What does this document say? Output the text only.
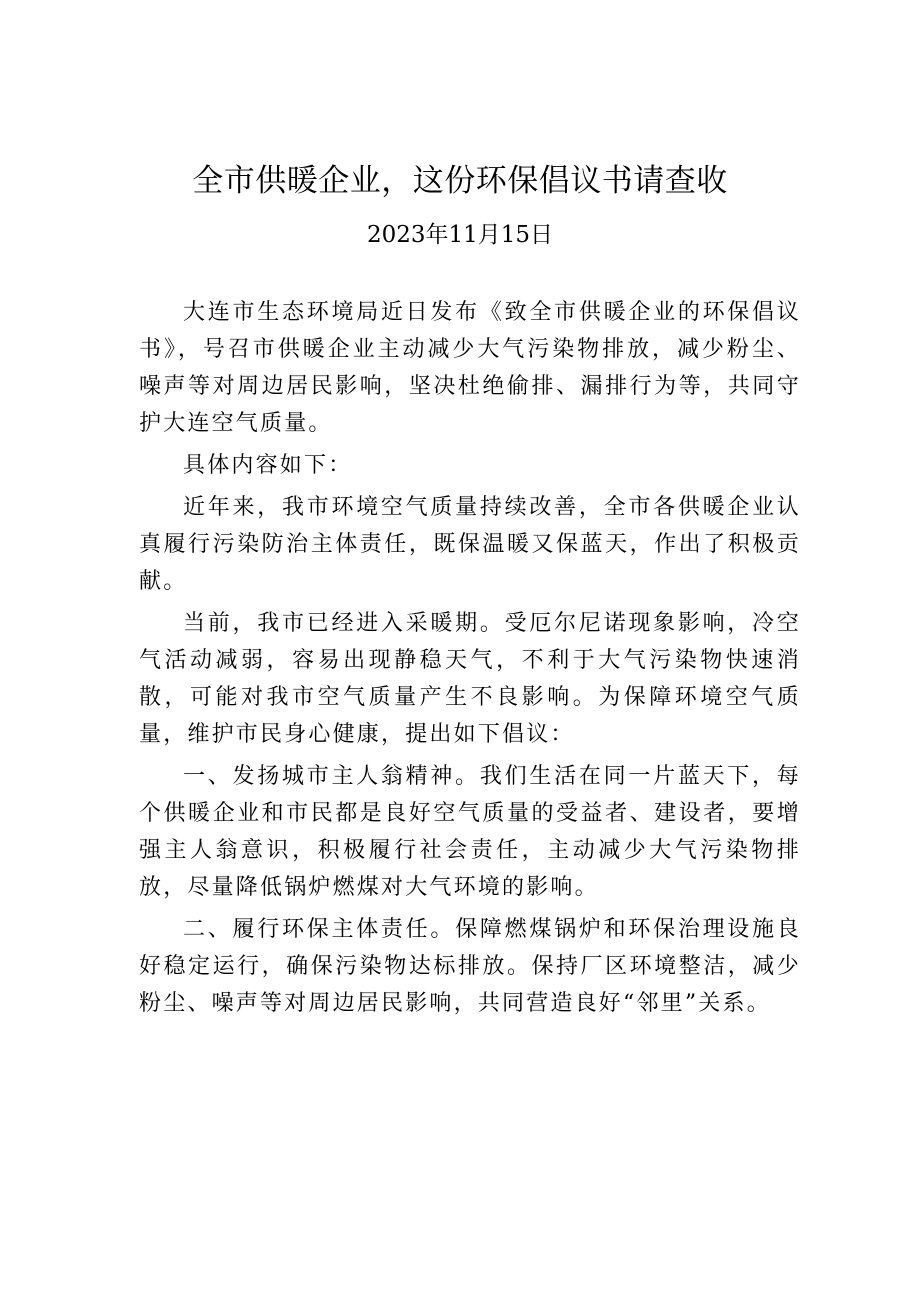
全市供暖企业，这份环保倡议书请查收
2023年11月15日

大连市生态环境局近日发布《致全市供暖企业的环保倡议书》，号召市供暖企业主动减少大气污染物排放，减少粉尘、噪声等对周边居民影响，坚决杜绝偷排、漏排行为等，共同守护大连空气质量。

具体内容如下：

近年来，我市环境空气质量持续改善，全市各供暖企业认真履行污染防治主体责任，既保温暖又保蓝天，作出了积极贡献。

当前，我市已经进入采暖期。受厄尔尼诺现象影响，冷空气活动减弱，容易出现静稳天气，不利于大气污染物快速消散，可能对我市空气质量产生不良影响。为保障环境空气质量，维护市民身心健康，提出如下倡议：

一、发扬城市主人翁精神。我们生活在同一片蓝天下，每个供暖企业和市民都是良好空气质量的受益者、建设者，要增强主人翁意识，积极履行社会责任，主动减少大气污染物排放，尽量降低锅炉燃煤对大气环境的影响。

二、履行环保主体责任。保障燃煤锅炉和环保治理设施良好稳定运行，确保污染物达标排放。保持厂区环境整洁，减少粉尘、噪声等对周边居民影响，共同营造良好“邻里”关系。
